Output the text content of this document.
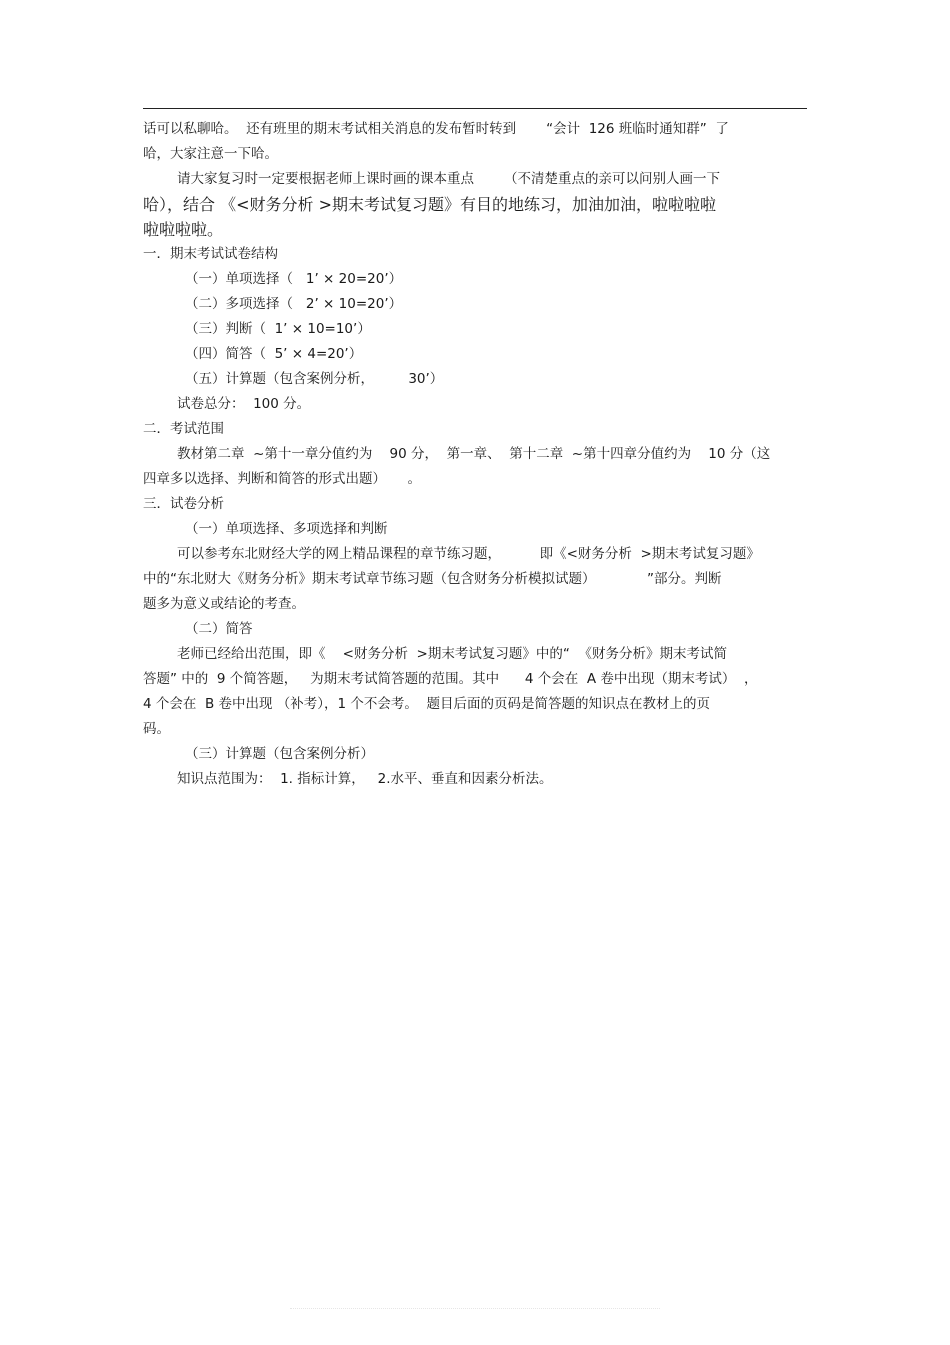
话可以私聊哈。  还有班里的期末考试相关消息的发布暂时转到       “会计  126 班临时通知群”  了
哈，大家注意一下哈。
请大家复习时一定要根据老师上课时画的课本重点       （不清楚重点的亲可以问别人画一下
哈），结合 《<财务分析 >期末考试复习题》有目的地练习，加油加油，啦啦啦啦
啦啦啦啦。
一．期末考试试卷结构
（一）单项选择（   1’ × 20=20’）
（二）多项选择（   2’ × 10=20’）
（三）判断（  1’ × 10=10’）
（四）简答（  5’ × 4=20’）
（五）计算题（包含案例分析，        30’）
试卷总分：  100 分。
二．考试范围
教材第二章  ~第十一章分值约为    90 分，  第一章、  第十二章  ~第十四章分值约为    10 分（这
四章多以选择、判断和简答的形式出题）     。
三．试卷分析
（一）单项选择、多项选择和判断
可以参考东北财经大学的网上精品课程的章节练习题，         即《<财务分析  >期末考试复习题》
中的“东北财大《财务分析》期末考试章节练习题（包含财务分析模拟试题）            ”部分。判断
题多为意义或结论的考查。
（二）简答
老师已经给出范围，即《    <财务分析  >期末考试复习题》中的“  《财务分析》期末考试简
答题” 中的  9 个简答题，   为期末考试简答题的范围。其中      4 个会在  A 卷中出现（期末考试）  ，
4 个会在  B 卷中出现 （补考），1 个不会考。  题目后面的页码是简答题的知识点在教材上的页
码。
（三）计算题（包含案例分析）
知识点范围为：  1. 指标计算，   2.水平、垂直和因素分析法。
